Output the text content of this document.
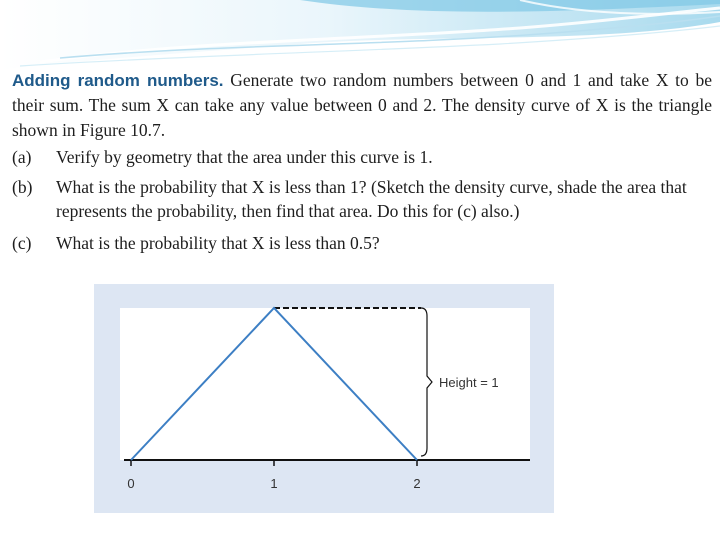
Adding random numbers. Generate two random numbers between 0 and 1 and take X to be their sum. The sum X can take any value between 0 and 2. The density curve of X is the triangle shown in Figure 10.7.

(a)	Verify by geometry that the area under this curve is 1.
(b)	What is the probability that X is less than 1? (Sketch the density curve, shade the area that represents the probability, then find that area. Do this for (c) also.)
(c)	What is the probability that X is less than 0.5?
0	1	2
Height = 1
